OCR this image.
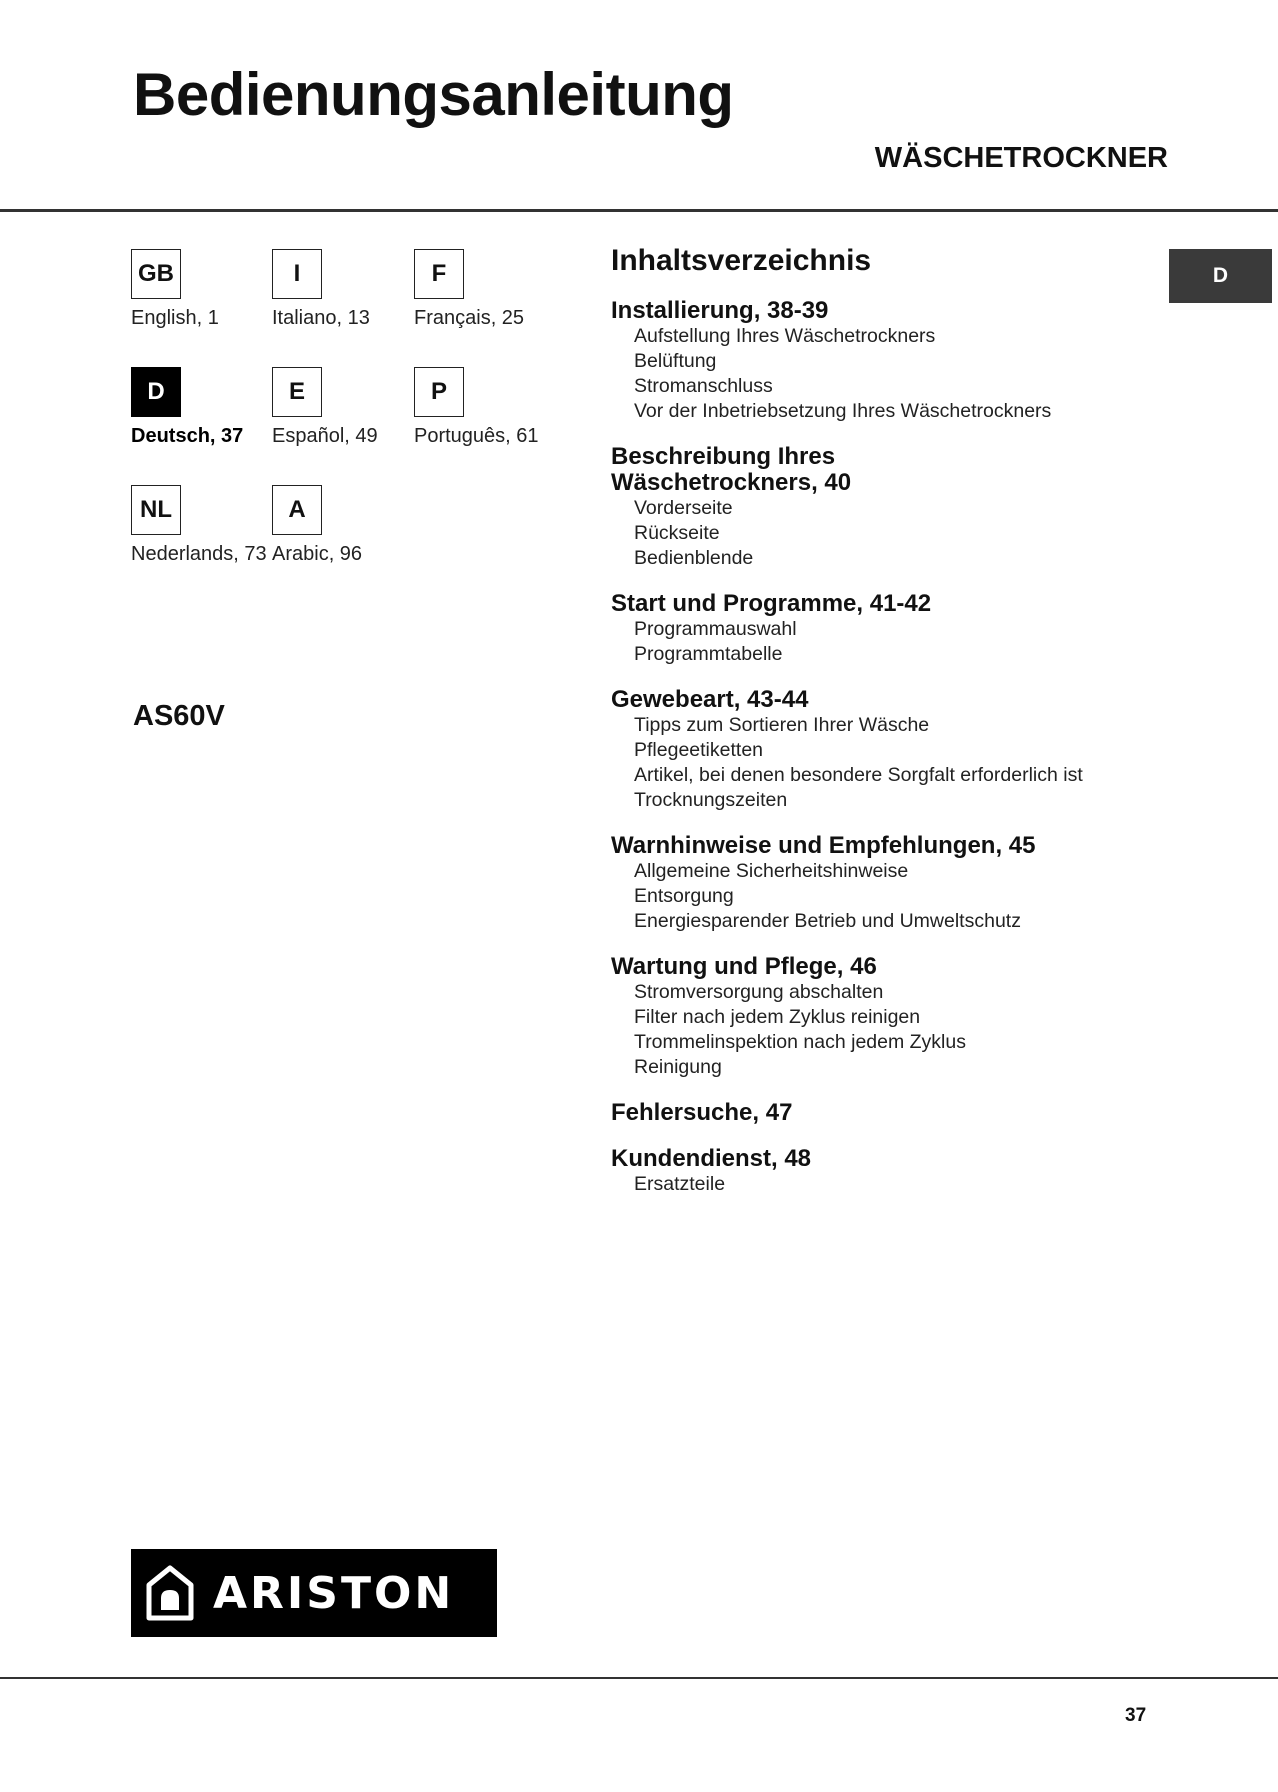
Bedienungsanleitung
WÄSCHETROCKNER
GB
English, 1
I
Italiano, 13
F
Français, 25
D
Deutsch, 37
E
Español, 49
P
Português, 61
NL
Nederlands, 73
A
Arabic, 96
AS60V
Inhaltsverzeichnis
Installierung, 38-39
Aufstellung Ihres Wäschetrockners
Belüftung
Stromanschluss
Vor der Inbetriebsetzung Ihres Wäschetrockners
Beschreibung Ihres Wäschetrockners, 40
Vorderseite
Rückseite
Bedienblende
Start und Programme, 41-42
Programmauswahl
Programmtabelle
Gewebeart, 43-44
Tipps zum Sortieren Ihrer Wäsche
Pflegeetiketten
Artikel, bei denen besondere Sorgfalt erforderlich ist
Trocknungszeiten
Warnhinweise und Empfehlungen, 45
Allgemeine Sicherheitshinweise
Entsorgung
Energiesparender Betrieb und Umweltschutz
Wartung und Pflege, 46
Stromversorgung abschalten
Filter nach jedem Zyklus reinigen
Trommelinspektion nach jedem Zyklus
Reinigung
Fehlersuche, 47
Kundendienst, 48
Ersatzteile
D
ARISTON
37
